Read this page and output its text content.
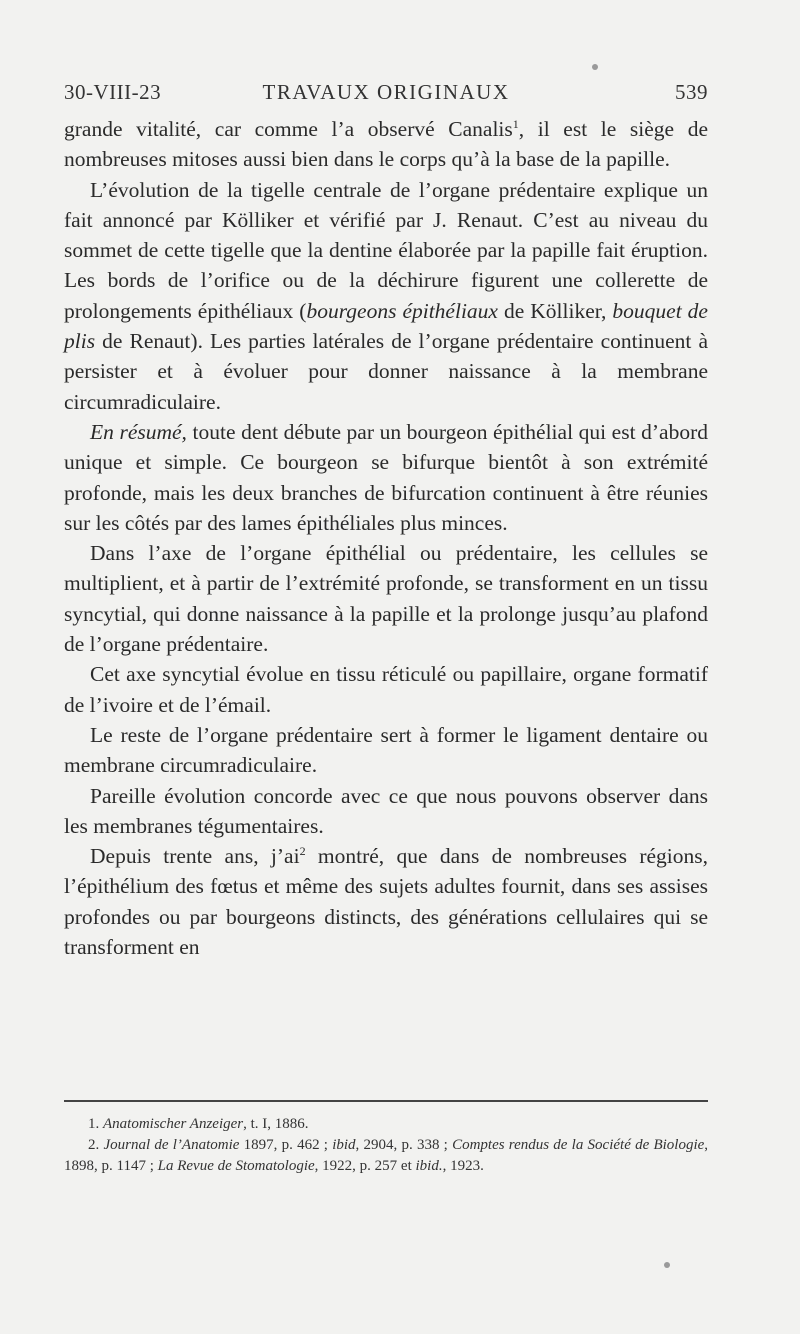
30-VIII-23	TRAVAUX ORIGINAUX	539

grande vitalité, car comme l’a observé Canalis$^1$, il est le siège de nombreuses mitoses aussi bien dans le corps qu’à la base de la papille.

L’évolution de la tigelle centrale de l’organe prédentaire explique un fait annoncé par Kölliker et vérifié par J. Renaut. C’est au niveau du sommet de cette tigelle que la dentine élaborée par la papille fait éruption. Les bords de l’orifice ou de la déchirure figurent une collerette de prolongements épithéliaux (bourgeons épithéliaux de Kölliker, bouquet de plis de Renaut). Les parties latérales de l’organe prédentaire continuent à persister et à évoluer pour donner naissance à la membrane circumradiculaire.

En résumé, toute dent débute par un bourgeon épithélial qui est d’abord unique et simple. Ce bourgeon se bifurque bientôt à son extrémité profonde, mais les deux branches de bifurcation continuent à être réunies sur les côtés par des lames épithéliales plus minces.

Dans l’axe de l’organe épithélial ou prédentaire, les cellules se multiplient, et à partir de l’extrémité profonde, se transforment en un tissu syncytial, qui donne naissance à la papille et la prolonge jusqu’au plafond de l’organe prédentaire.

Cet axe syncytial évolue en tissu réticulé ou papillaire, organe formatif de l’ivoire et de l’émail.

Le reste de l’organe prédentaire sert à former le ligament dentaire ou membrane circumradiculaire.

Pareille évolution concorde avec ce que nous pouvons observer dans les membranes tégumentaires.

Depuis trente ans, $j’ai^2$ montré, que dans de nombreuses régions, l’épithélium des fœtus et même des sujets adultes fournit, dans ses assises profondes ou par bourgeons distincts, des générations cellulaires qui se transforment en

1. Anatomischer Anzeiger, t. I, 1886.

2. Journal de l’Anatomie 1897, p. 462 ; ibid, 2904, p. 338 ; Comptes rendus de la Société de Biologie, 1898, p. 1147 ; La Revue de Stomatologie, 1922, p. 257 et ibid., 1923.
